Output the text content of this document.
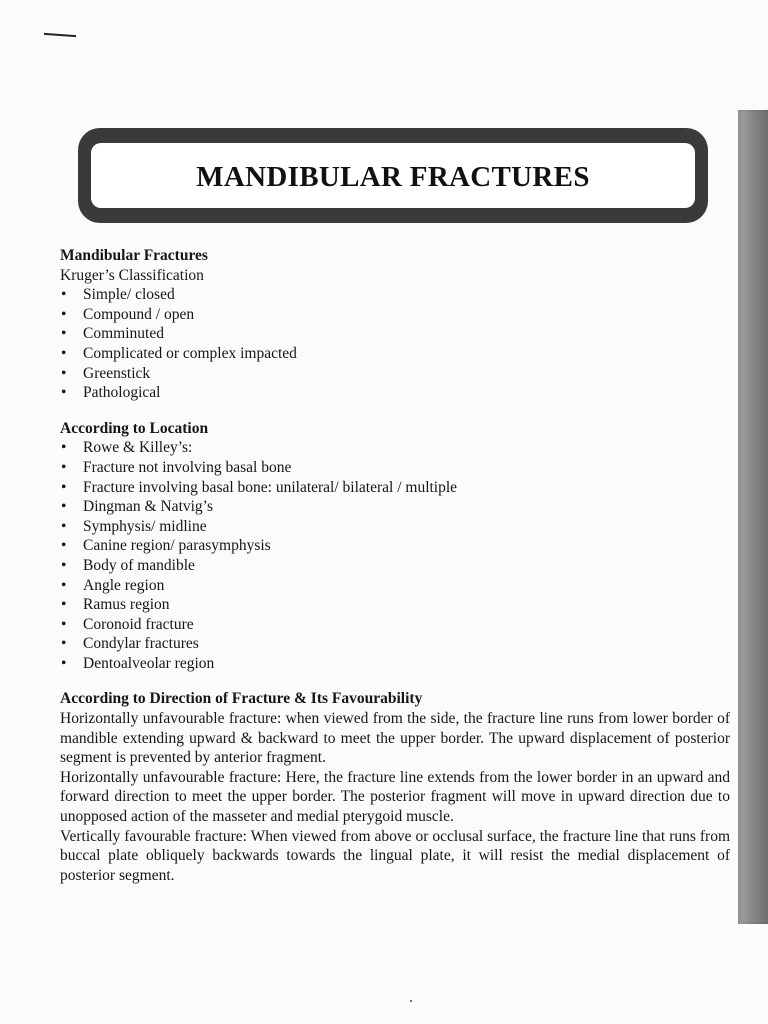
MANDIBULAR FRACTURES
Mandibular Fractures
Kruger’s Classification
• Simple/ closed
• Compound / open
• Comminuted
• Complicated or complex impacted
• Greenstick
• Pathological
According to Location
• Rowe & Killey’s:
• Fracture not involving basal bone
• Fracture involving basal bone: unilateral/ bilateral / multiple
• Dingman & Natvig’s
• Symphysis/ midline
• Canine region/ parasymphysis
• Body of mandible
• Angle region
• Ramus region
• Coronoid fracture
• Condylar fractures
• Dentoalveolar region
According to Direction of Fracture & Its Favourability

Horizontally unfavourable fracture: when viewed from the side, the fracture line runs from lower border of mandible extending upward & backward to meet the upper border. The upward displacement of posterior segment is prevented by anterior fragment.

Horizontally unfavourable fracture: Here, the fracture line extends from the lower border in an upward and forward direction to meet the upper border. The posterior fragment will move in upward direction due to unopposed action of the masseter and medial pterygoid muscle.

Vertically favourable fracture: When viewed from above or occlusal surface, the fracture line that runs from buccal plate obliquely backwards towards the lingual plate, it will resist the medial displacement of posterior segment.
